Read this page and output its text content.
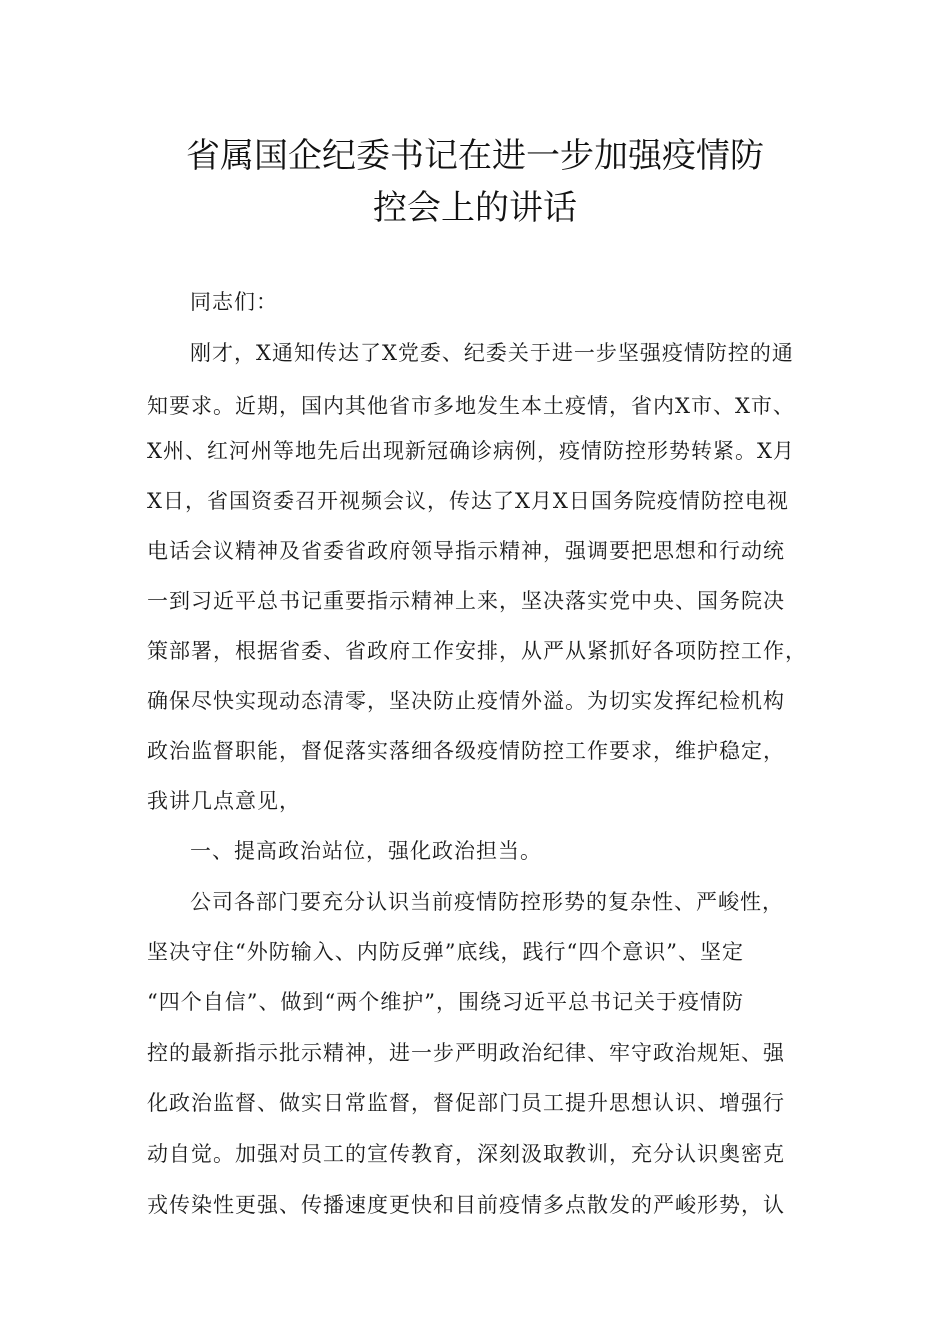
省属国企纪委书记在进一步加强疫情防
控会上的讲话
同志们：
刚才，X通知传达了X党委、纪委关于进一步坚强疫情防控的通
知要求。近期，国内其他省市多地发生本土疫情，省内X市、X市、
X州、红河州等地先后出现新冠确诊病例，疫情防控形势转紧。X月
X日，省国资委召开视频会议，传达了X月X日国务院疫情防控电视
电话会议精神及省委省政府领导指示精神，强调要把思想和行动统
一到习近平总书记重要指示精神上来，坚决落实党中央、国务院决
策部署，根据省委、省政府工作安排，从严从紧抓好各项防控工作，
确保尽快实现动态清零，坚决防止疫情外溢。为切实发挥纪检机构
政治监督职能，督促落实落细各级疫情防控工作要求，维护稳定，
我讲几点意见，
一、提高政治站位，强化政治担当。
公司各部门要充分认识当前疫情防控形势的复杂性、严峻性，
坚决守住“外防输入、内防反弹”底线，践行“四个意识”、坚定
“四个自信”、做到“两个维护”，围绕习近平总书记关于疫情防
控的最新指示批示精神，进一步严明政治纪律、牢守政治规矩、强
化政治监督、做实日常监督，督促部门员工提升思想认识、增强行
动自觉。加强对员工的宣传教育，深刻汲取教训，充分认识奥密克
戎传染性更强、传播速度更快和目前疫情多点散发的严峻形势，认
